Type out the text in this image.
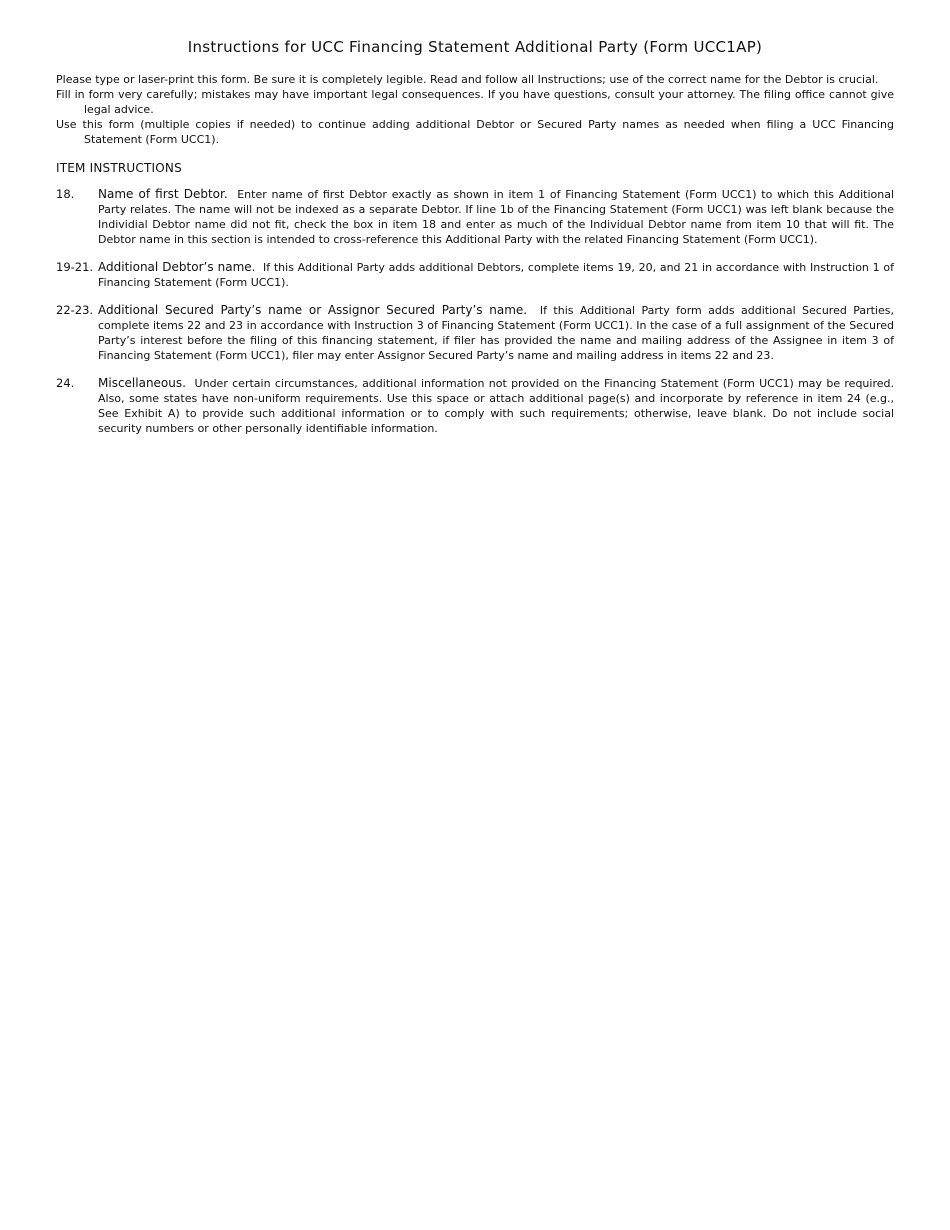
Instructions for UCC Financing Statement Additional Party (Form UCC1AP)

Please type or laser-print this form. Be sure it is completely legible. Read and follow all Instructions; use of the correct name for the Debtor is crucial.

Fill in form very carefully; mistakes may have important legal consequences. If you have questions, consult your attorney. The filing office cannot give legal advice.

Use this form (multiple copies if needed) to continue adding additional Debtor or Secured Party names as needed when filing a UCC Financing Statement (Form UCC1).

ITEM INSTRUCTIONS
18.	Name of first Debtor. Enter name of first Debtor exactly as shown in item 1 of Financing Statement (Form UCC1) to which this Additional Party relates. The name will not be indexed as a separate Debtor. If line 1b of the Financing Statement (Form UCC1) was left blank because the Individial Debtor name did not fit, check the box in item 18 and enter as much of the Individual Debtor name from item 10 that will fit. The Debtor name in this section is intended to cross-reference this Additional Party with the related Financing Statement (Form UCC1).
19-21. Additional Debtor’s name. If this Additional Party adds additional Debtors, complete items 19, 20, and 21 in accordance with Instruction 1 of Financing Statement (Form UCC1).
22-23. Additional Secured Party’s name or Assignor Secured Party’s name. If this Additional Party form adds additional Secured Parties, complete items 22 and 23 in accordance with Instruction 3 of Financing Statement (Form UCC1). In the case of a full assignment of the Secured Party’s interest before the filing of this financing statement, if filer has provided the name and mailing address of the Assignee in item 3 of Financing Statement (Form UCC1), filer may enter Assignor Secured Party’s name and mailing address in items 22 and 23.
24.	Miscellaneous. Under certain circumstances, additional information not provided on the Financing Statement (Form UCC1) may be required. Also, some states have non-uniform requirements. Use this space or attach additional page(s) and incorporate by reference in item 24 (e.g., See Exhibit A) to provide such additional information or to comply with such requirements; otherwise, leave blank. Do not include social security numbers or other personally identifiable information.
